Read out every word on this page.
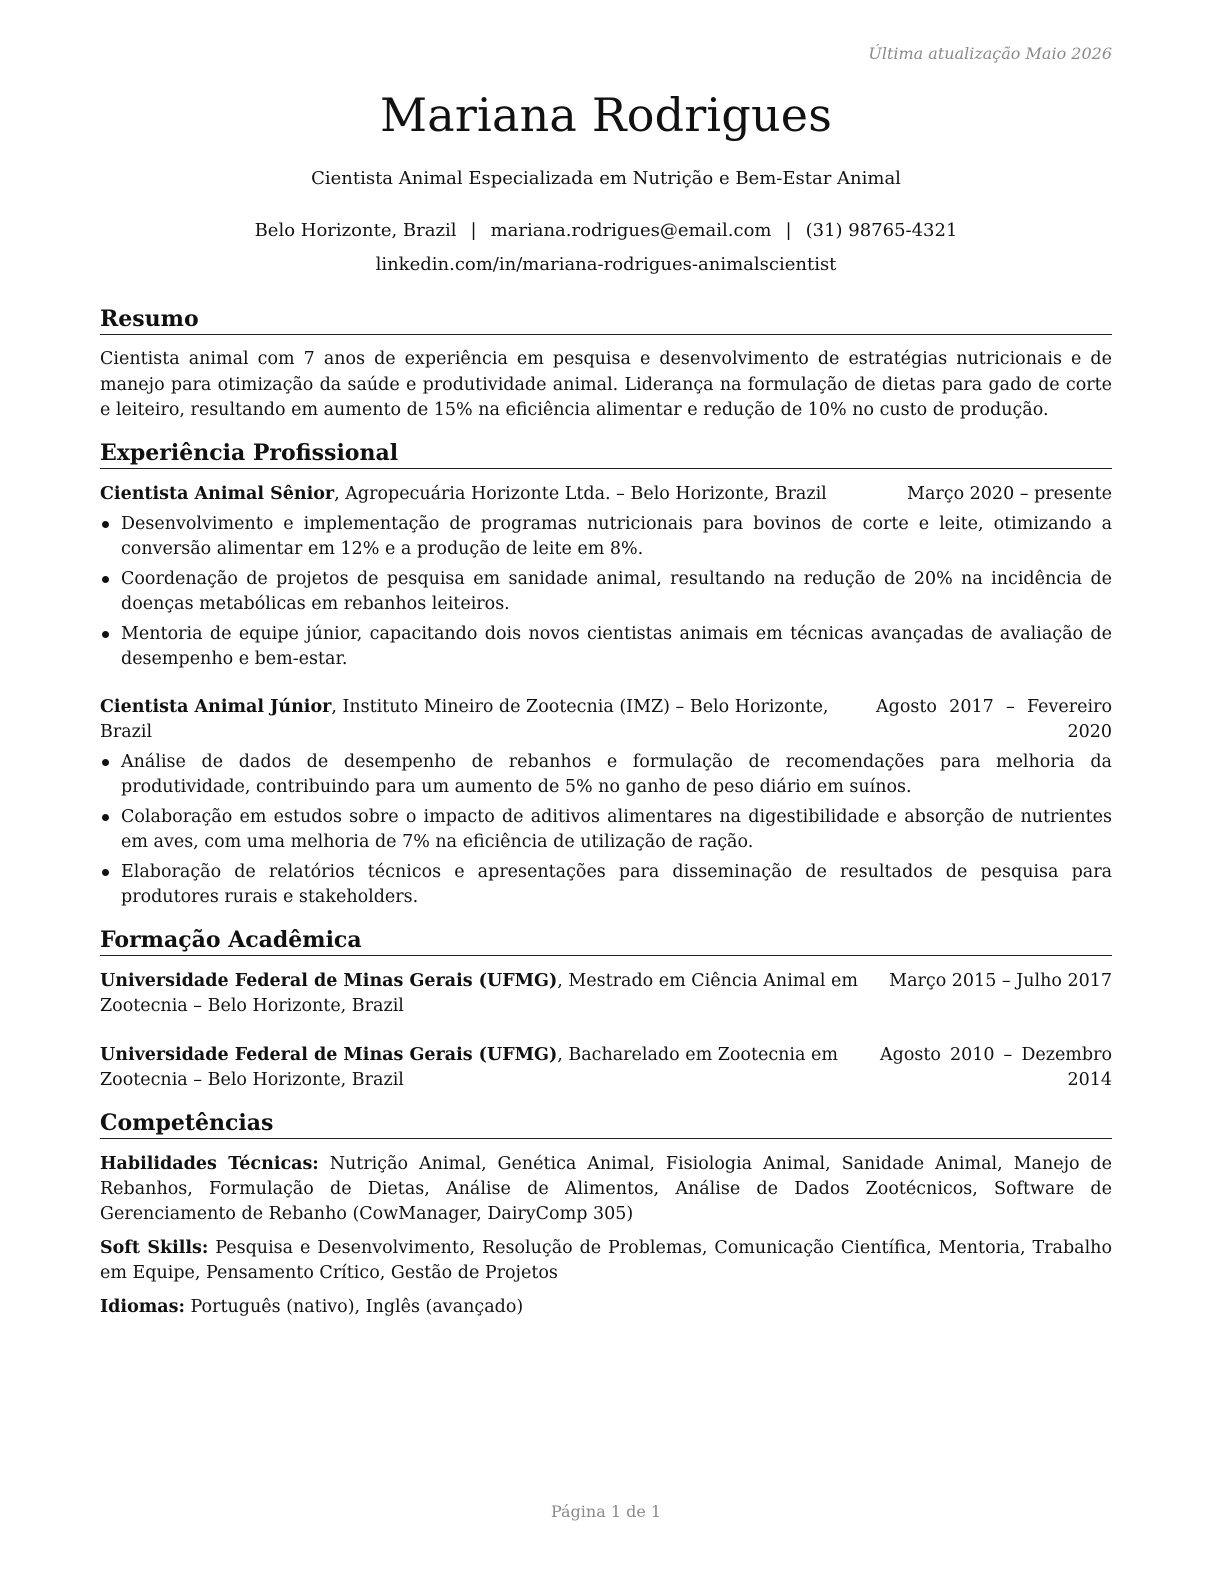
Última atualização Maio 2026
Mariana Rodrigues
Cientista Animal Especializada em Nutrição e Bem-Estar Animal
Belo Horizonte, Brazil | mariana.rodrigues@email.com | (31) 98765-4321
linkedin.com/in/mariana-rodrigues-animalscientist
Resumo
Cientista animal com 7 anos de experiência em pesquisa e desenvolvimento de estratégias nutricionais e de manejo para otimização da saúde e produtividade animal. Liderança na formulação de dietas para gado de corte e leiteiro, resultando em aumento de 15% na eficiência alimentar e redução de 10% no custo de produção.
Experiência Profissional
Cientista Animal Sênior, Agropecuária Horizonte Ltda. – Belo Horizonte, Brazil	Março 2020 – presente
Desenvolvimento e implementação de programas nutricionais para bovinos de corte e leite, otimizando a conversão alimentar em 12% e a produção de leite em 8%.
Coordenação de projetos de pesquisa em sanidade animal, resultando na redução de 20% na incidência de doenças metabólicas em rebanhos leiteiros.
Mentoria de equipe júnior, capacitando dois novos cientistas animais em técnicas avançadas de avaliação de desempenho e bem-estar.
Cientista Animal Júnior, Instituto Mineiro de Zootecnia (IMZ) – Belo Horizonte, Brazil
Agosto 2017 – Fevereiro 2020
Análise de dados de desempenho de rebanhos e formulação de recomendações para melhoria da produtividade, contribuindo para um aumento de 5% no ganho de peso diário em suínos.
Colaboração em estudos sobre o impacto de aditivos alimentares na digestibilidade e absorção de nutrientes em aves, com uma melhoria de 7% na eficiência de utilização de ração.
Elaboração de relatórios técnicos e apresentações para disseminação de resultados de pesquisa para produtores rurais e stakeholders.
Formação Acadêmica
Março 2015 – Julho 2017
Universidade Federal de Minas Gerais (UFMG), Mestrado em Ciência Animal em Zootecnia – Belo Horizonte, Brazil
Agosto 2010 – Dezembro 2014
Universidade Federal de Minas Gerais (UFMG), Bacharelado em Zootecnia em Zootecnia – Belo Horizonte, Brazil
Competências
Habilidades Técnicas: Nutrição Animal, Genética Animal, Fisiologia Animal, Sanidade Animal, Manejo de Rebanhos, Formulação de Dietas, Análise de Alimentos, Análise de Dados Zootécnicos, Software de Gerenciamento de Rebanho (CowManager, DairyComp 305)
Soft Skills: Pesquisa e Desenvolvimento, Resolução de Problemas, Comunicação Científica, Mentoria, Trabalho em Equipe, Pensamento Crítico, Gestão de Projetos
Idiomas: Português (nativo), Inglês (avançado)
Página 1 de 1
